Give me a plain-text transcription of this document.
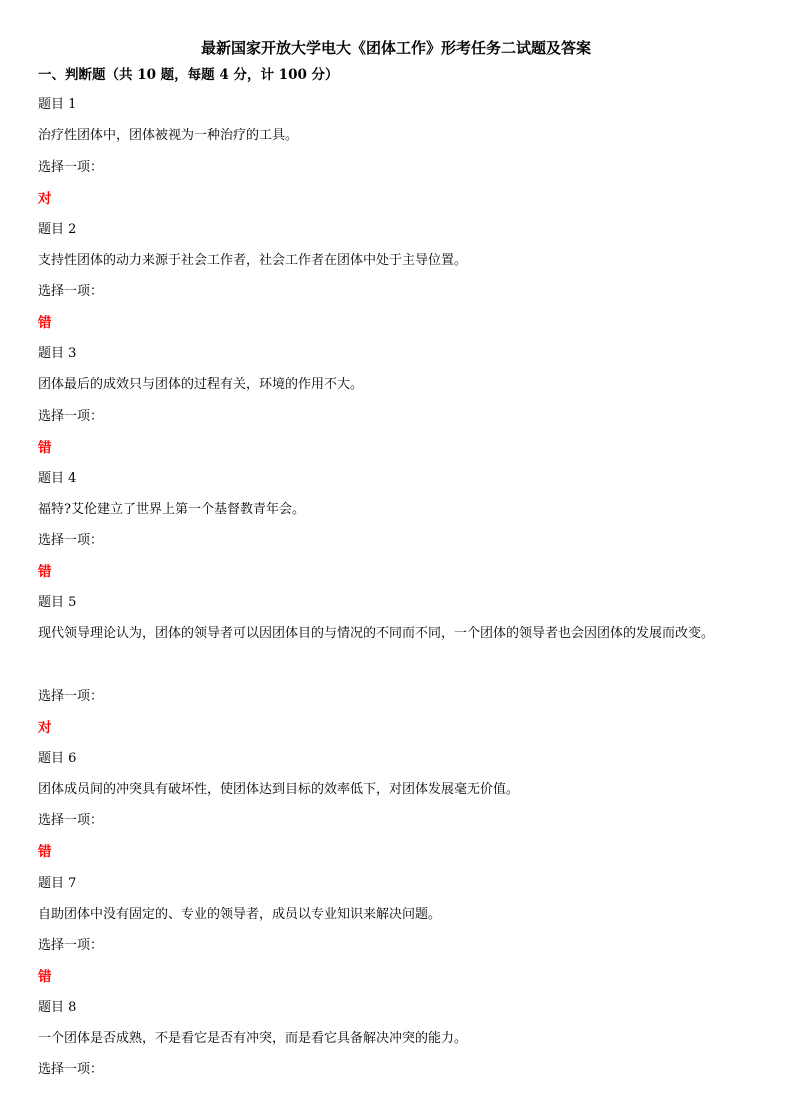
最新国家开放大学电大《团体工作》形考任务二试题及答案
一、判断题（共 10 题，每题 4 分，计 100 分）
题目 1
治疗性团体中，团体被视为一种治疗的工具。
选择一项：
对
题目 2
支持性团体的动力来源于社会工作者，社会工作者在团体中处于主导位置。
选择一项：
错
题目 3
团体最后的成效只与团体的过程有关，环境的作用不大。
选择一项：
错
题目 4
福特?艾伦建立了世界上第一个基督教青年会。
选择一项：
错
题目 5
现代领导理论认为，团体的领导者可以因团体目的与情况的不同而不同，一个团体的领导者也会因团体的发展而改变。
选择一项：
对
题目 6
团体成员间的冲突具有破坏性，使团体达到目标的效率低下，对团体发展毫无价值。
选择一项：
错
题目 7
自助团体中没有固定的、专业的领导者，成员以专业知识来解决问题。
选择一项：
错
题目 8
一个团体是否成熟，不是看它是否有冲突，而是看它具备解决冲突的能力。
选择一项：
